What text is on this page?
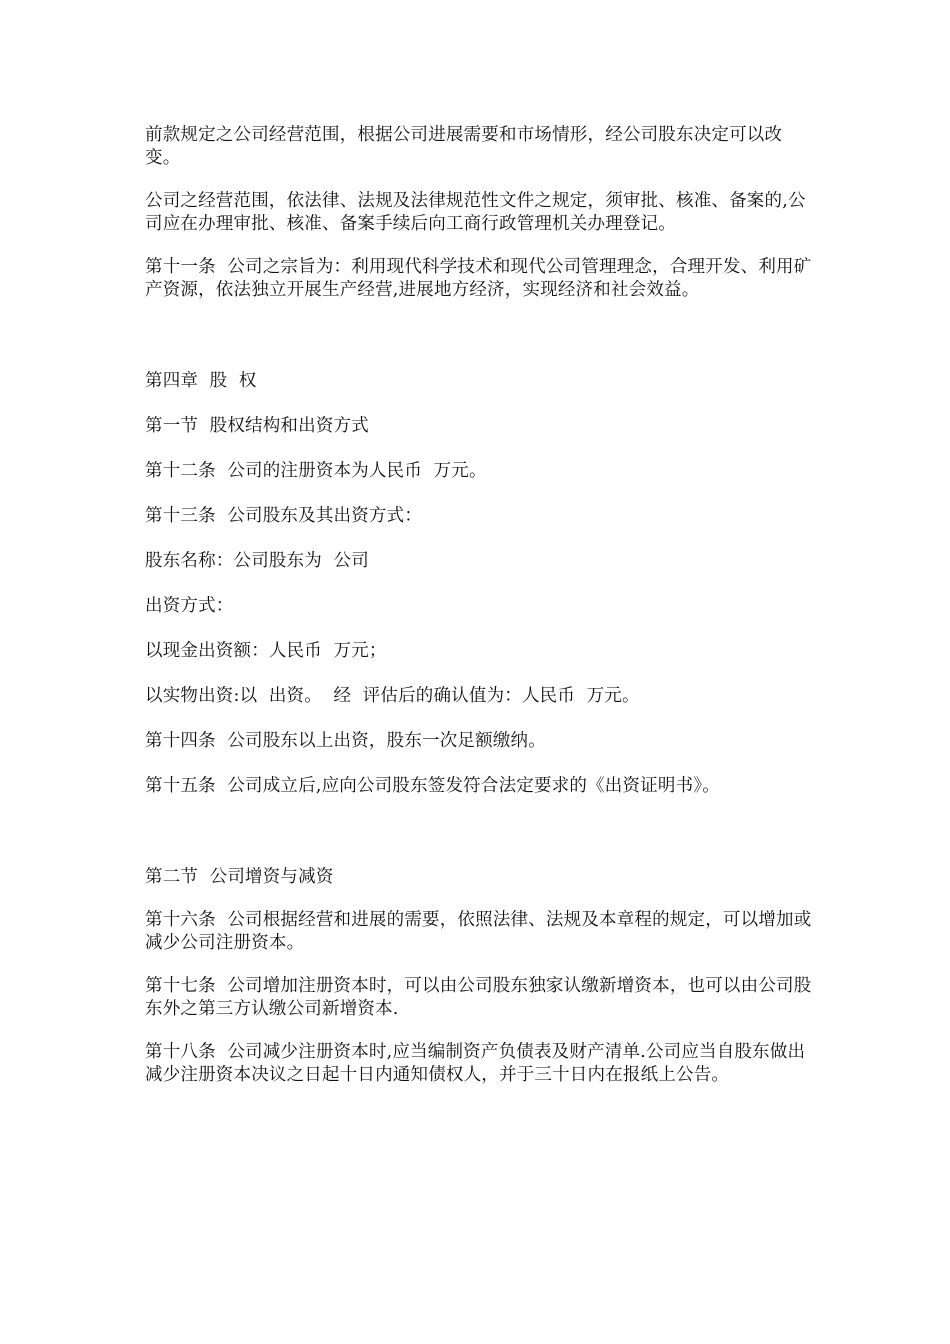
前款规定之公司经营范围，根据公司进展需要和市场情形，经公司股东决定可以改变。

公司之经营范围，依法律、法规及法律规范性文件之规定，须审批、核准、备案的,公司应在办理审批、核准、备案手续后向工商行政管理机关办理登记。

第十一条  公司之宗旨为：利用现代科学技术和现代公司管理理念，合理开发、利用矿产资源，依法独立开展生产经营,进展地方经济，实现经济和社会效益。

第四章  股  权

第一节  股权结构和出资方式

第十二条  公司的注册资本为人民币  万元。

第十三条  公司股东及其出资方式：

股东名称：公司股东为  公司

出资方式：

以现金出资额：人民币  万元；

以实物出资:以  出资。  经  评估后的确认值为：人民币  万元。

第十四条  公司股东以上出资，股东一次足额缴纳。

第十五条  公司成立后,应向公司股东签发符合法定要求的《出资证明书》。

第二节  公司增资与减资

第十六条  公司根据经营和进展的需要，依照法律、法规及本章程的规定，可以增加或减少公司注册资本。

第十七条  公司增加注册资本时，可以由公司股东独家认缴新增资本，也可以由公司股东外之第三方认缴公司新增资本.

第十八条  公司减少注册资本时,应当编制资产负债表及财产清单.公司应当自股东做出减少注册资本决议之日起十日内通知债权人，并于三十日内在报纸上公告。
